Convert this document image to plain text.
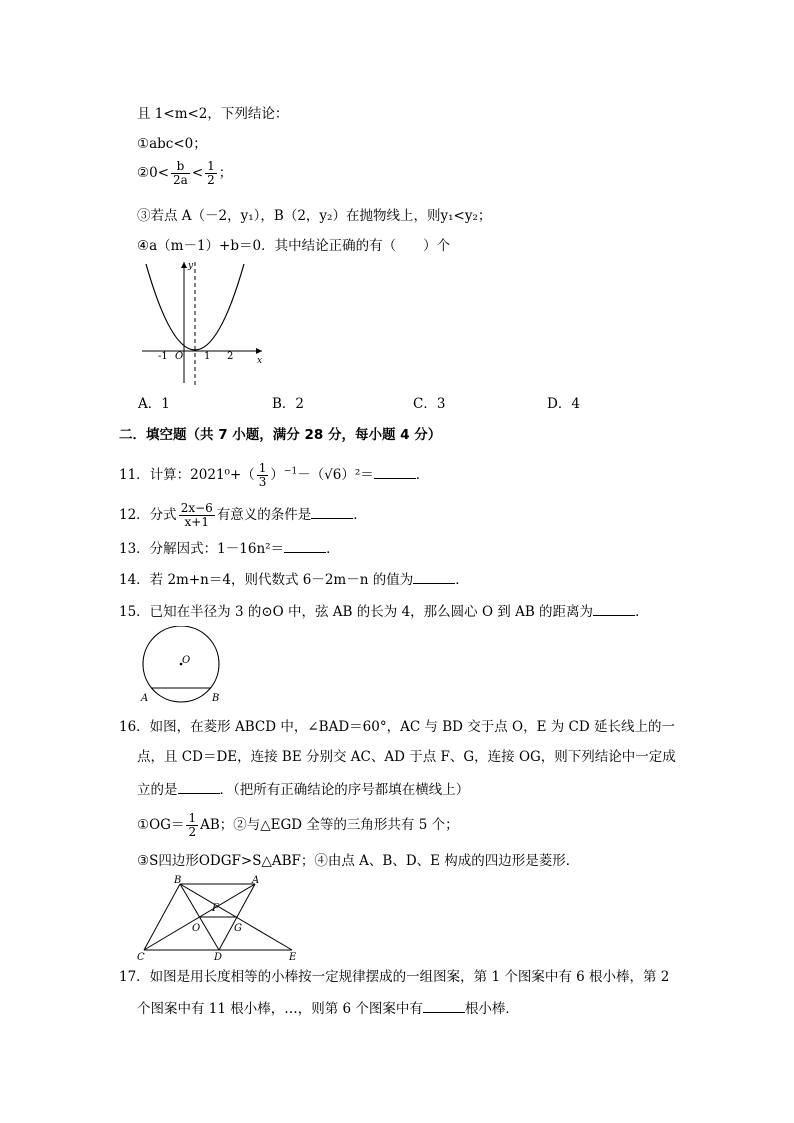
且 1<m<2，下列结论：
①abc<0；
②0< $\frac{b}{2a} < \frac{1}{2}$ ；
③若点 A（－2，y₁），B（2，y₂）在抛物线上，则y₁<y₂；
④a（m－1）+b＝0．其中结论正确的有（　　）个
-1 O 1 2	x
y
A．1	B．2	C．3	D．4
二．填空题（共 7 小题，满分 28 分，每小题 4 分）
11．计算：$2021^0+( \frac{1}{3} )^{-1}-(√6)^2=$	．
12．分式 $\frac{2x-6}{x+1}$ 有意义的条件是	．
13．分解因式：1－16n²＝	．
14．若 2m+n＝4，则代数式 6－2m－n 的值为	．
15．已知在半径为 3 的⊙O 中，弦 AB 的长为 4，那么圆心 O 到 AB 的距离为	．
O
A	B
16．如图，在菱形 ABCD 中，∠BAD＝60°，AC 与 BD 交于点 O，E 为 CD 延长线上的一
点，且 CD＝DE，连接 BE 分别交 AC、AD 于点 F、G，连接 OG，则下列结论中一定成
立的是	．（把所有正确结论的序号都填在横线上）
①OG＝ $\frac{1}{2}$ AB；②与△EGD 全等的三角形共有 5 个；
③S四边形ODGF>S△ABF；④由点 A、B、D、E 构成的四边形是菱形．
B	A
F
O	G
C	D	E
17．如图是用长度相等的小棒按一定规律摆成的一组图案，第 1 个图案中有 6 根小棒，第 2
个图案中有 11 根小棒，…，则第 6 个图案中有	根小棒．
